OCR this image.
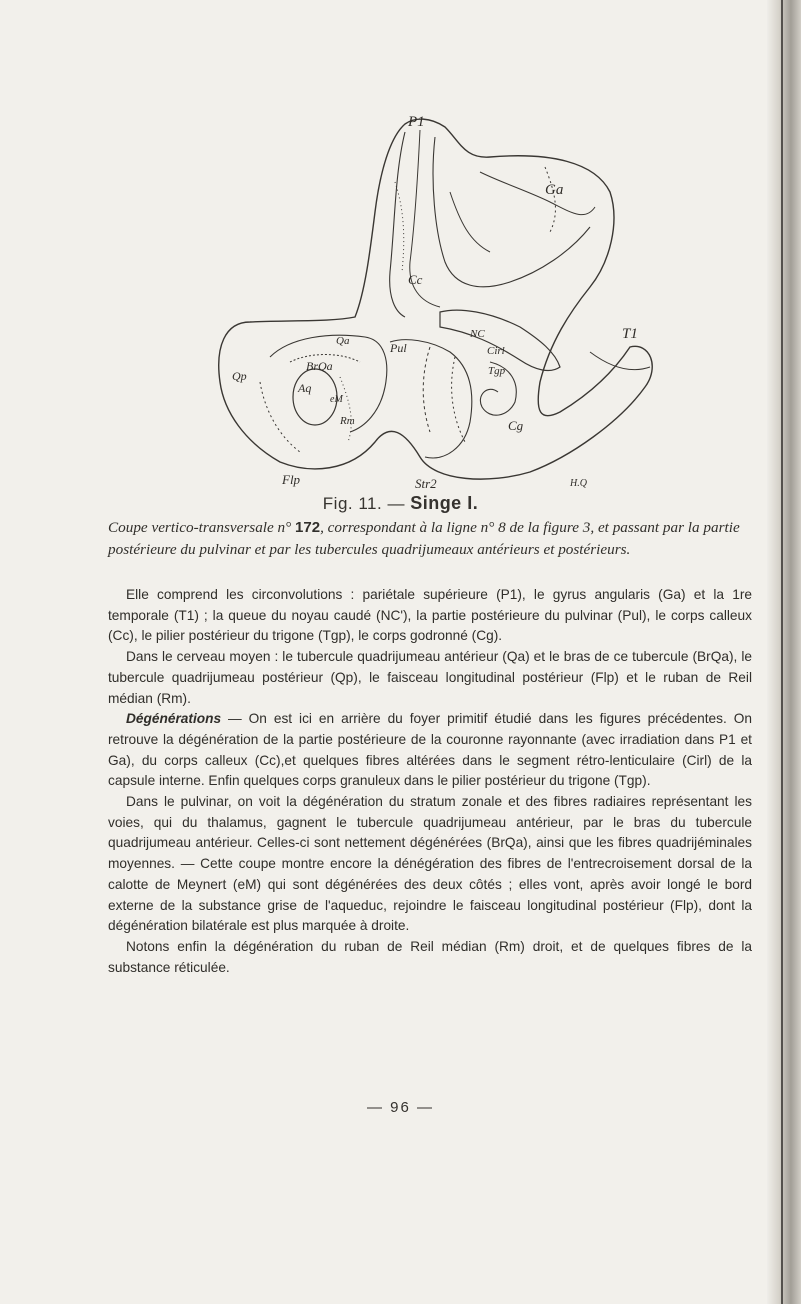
P1
Ga
T1
Cc
Qp
BrQa
Qa	Pul
Aq
NC
Tgp
Cirl
eM
Rm	Cg
Flp	Str2	H.Q
Fig. 11. — Singe I.
Coupe vertico-transversale n° 172, correspondant à la ligne n° 8 de la figure 3, et passant par la partie postérieure du pulvinar et par les tubercules quadrijumeaux antérieurs et postérieurs.

Elle comprend les circonvolutions : pariétale supérieure (P1), le gyrus angularis (Ga) et la 1re temporale (T1) ; la queue du noyau caudé (NC'), la partie postérieure du pulvinar (Pul), le corps calleux (Cc), le pilier postérieur du trigone (Tgp), le corps godronné (Cg).

Dans le cerveau moyen : le tubercule quadrijumeau antérieur (Qa) et le bras de ce tubercule (BrQa), le tubercule quadrijumeau postérieur (Qp), le faisceau longitudinal postérieur (Flp) et le ruban de Reil médian (Rm).

Dégénérations — On est ici en arrière du foyer primitif étudié dans les figures précédentes. On retrouve la dégénération de la partie postérieure de la couronne rayonnante (avec irradiation dans P1 et Ga), du corps calleux (Cc),et quelques fibres altérées dans le segment rétro-lenticulaire (Cirl) de la capsule interne. Enfin quelques corps granuleux dans le pilier postérieur du trigone (Tgp).

Dans le pulvinar, on voit la dégénération du stratum zonale et des fibres radiaires représentant les voies, qui du thalamus, gagnent le tubercule quadrijumeau antérieur, par le bras du tubercule quadrijumeau antérieur. Celles-ci sont nettement dégénérées (BrQa), ainsi que les fibres quadrijéminales moyennes. — Cette coupe montre encore la dénégération des fibres de l'entrecroisement dorsal de la calotte de Meynert (eM) qui sont dégénérées des deux côtés ; elles vont, après avoir longé le bord externe de la substance grise de l'aqueduc, rejoindre le faisceau longitudinal postérieur (Flp), dont la dégénération bilatérale est plus marquée à droite.

Notons enfin la dégénération du ruban de Reil médian (Rm) droit, et de quelques fibres de la substance réticulée.

— 96 —
